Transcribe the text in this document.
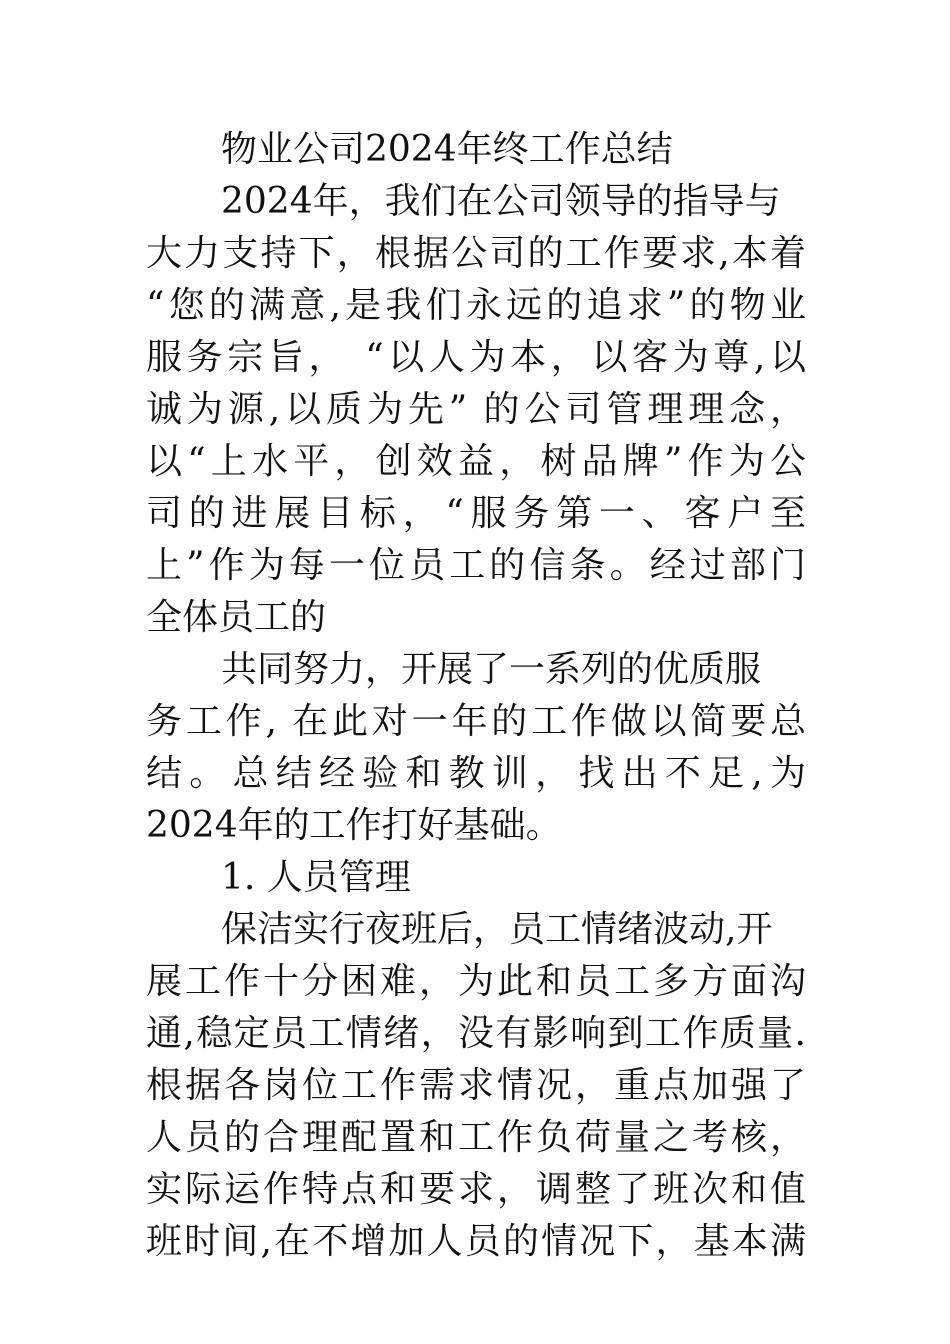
物业公司2024年终工作总结
2024年，我们在公司领导的指导与
大力支持下，根据公司的工作要求,本着
“您的满意,是我们永远的追求”的物业
服务宗旨， “以人为本，以客为尊,以
诚为源,以质为先” 的公司管理理念，
以“上水平，创效益，树品牌”作为公
司的进展目标，“服务第一、客户至
上”作为每一位员工的信条。经过部门
全体员工的
共同努力，开展了一系列的优质服
务工作, 在此对一年的工作做以简要总
结。总结经验和教训，找出不足,为
2024年的工作打好基础。
1. 人员管理
保洁实行夜班后，员工情绪波动,开
展工作十分困难，为此和员工多方面沟
通,稳定员工情绪，没有影响到工作质量.
根据各岗位工作需求情况，重点加强了
人员的合理配置和工作负荷量之考核，
实际运作特点和要求，调整了班次和值
班时间,在不增加人员的情况下，基本满
